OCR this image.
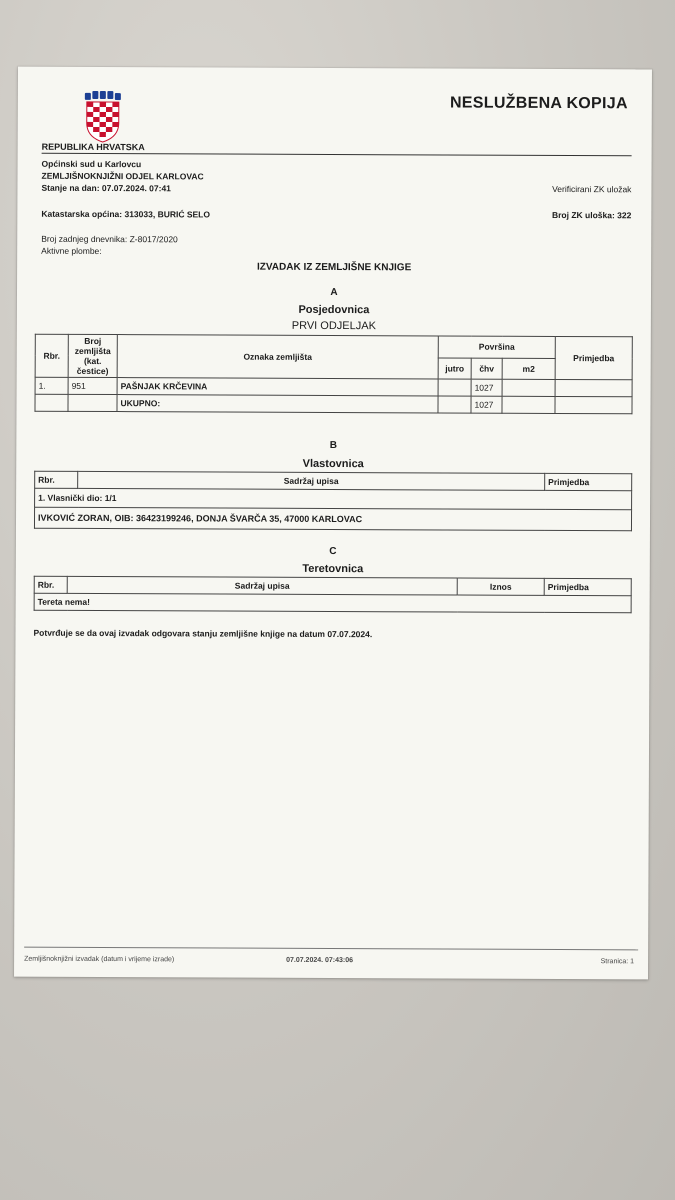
NESLUŽBENA KOPIJA
REPUBLIKA HRVATSKA
Općinski sud u Karlovcu
ZEMLJIŠNOKNJIŽNI ODJEL KARLOVAC
Stanje na dan: 07.07.2024. 07:41	Verificirani ZK uložak
Katastarska općina: 313033, BURIĆ SELO	Broj ZK uloška: 322
Broj zadnjeg dnevnika: Z-8017/2020
Aktivne plombe:
IZVADAK IZ ZEMLJIŠNE KNJIGE
A
Posjedovnica
PRVI ODJELJAK
Rbr.	Broj
zemljišta
(kat.
čestice)	Oznaka zemljišta	Površina			Primjedba
			jutro	čhv	m2	
1.	951	PAŠNJAK KRČEVINA		1027		
		UKUPNO:		1027		
B
Vlastovnica
Rbr.	Sadržaj upisa	Primjedba
1. Vlasnički dio: 1/1
IVKOVIĆ ZORAN, OIB: 36423199246, DONJA ŠVARČA 35, 47000 KARLOVAC
C
Teretovnica
Rbr.	Sadržaj upisa	Iznos	Primjedba
Tereta nema!
Potvrđuje se da ovaj izvadak odgovara stanju zemljišne knjige na datum 07.07.2024.
Zemljišnoknjižni izvadak (datum i vrijeme izrade)	07.07.2024. 07:43:06	Stranica: 1
